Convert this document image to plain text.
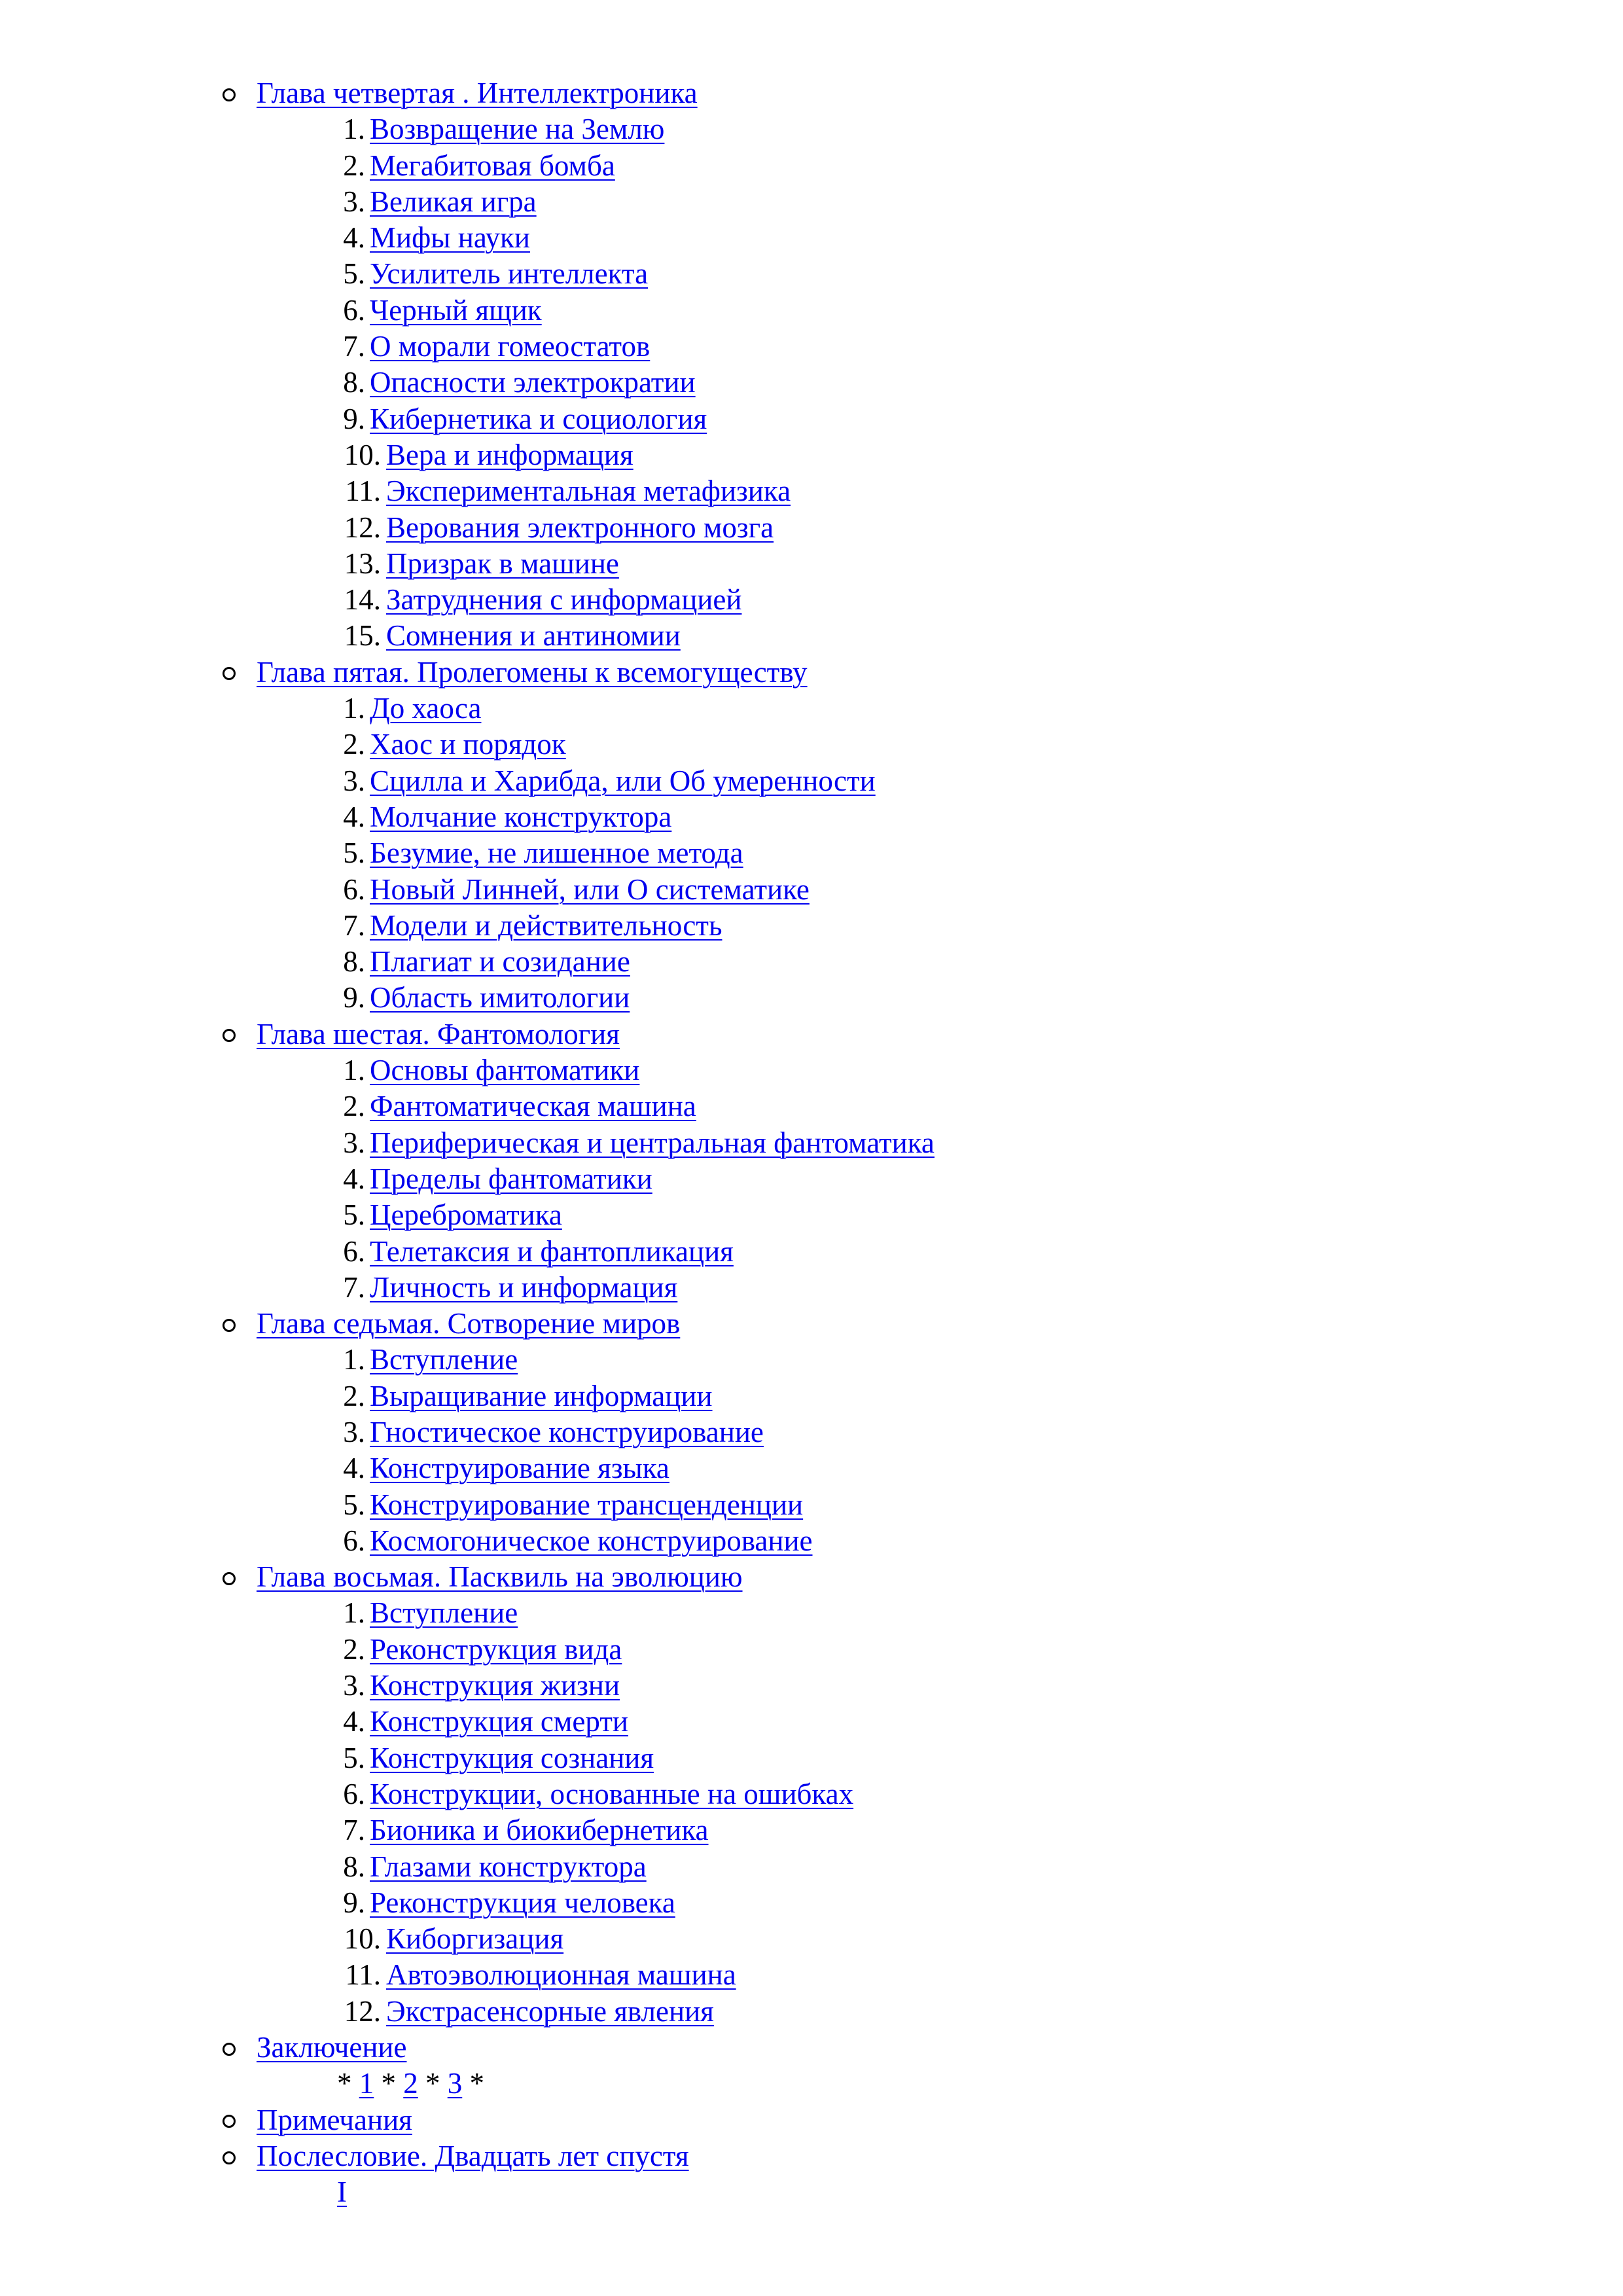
Глава четвертая . Интеллектроника
1. Возвращение на Землю
2. Мегабитовая бомба
3. Великая игра
4. Мифы науки
5. Усилитель интеллекта
6. Черный ящик
7. О морали гомеостатов
8. Опасности электрократии
9. Кибернетика и социология
10. Вера и информация
11. Экспериментальная метафизика
12. Верования электронного мозга
13. Призрак в машине
14. Затруднения с информацией
15. Сомнения и антиномии
Глава пятая. Пролегомены к всемогуществу
1. До хаоса
2. Хаос и порядок
3. Сцилла и Харибда, или Об умеренности
4. Молчание конструктора
5. Безумие, не лишенное метода
6. Новый Линней, или О систематике
7. Модели и действительность
8. Плагиат и созидание
9. Область имитологии
Глава шестая. Фантомология
1. Основы фантоматики
2. Фантоматическая машина
3. Периферическая и центральная фантоматика
4. Пределы фантоматики
5. Цереброматика
6. Телетаксия и фантопликация
7. Личность и информация
Глава седьмая. Сотворение миров
1. Вступление
2. Выращивание информации
3. Гностическое конструирование
4. Конструирование языка
5. Конструирование трансценденции
6. Космогоническое конструирование
Глава восьмая. Пасквиль на эволюцию
1. Вступление
2. Реконструкция вида
3. Конструкция жизни
4. Конструкция смерти
5. Конструкция сознания
6. Конструкции, основанные на ошибках
7. Бионика и биокибернетика
8. Глазами конструктора
9. Реконструкция человека
10. Киборгизация
11. Автоэволюционная машина
12. Экстрасенсорные явления
Заключение
* 1 * 2 * 3 *
Примечания
Послесловие. Двадцать лет спустя
I
